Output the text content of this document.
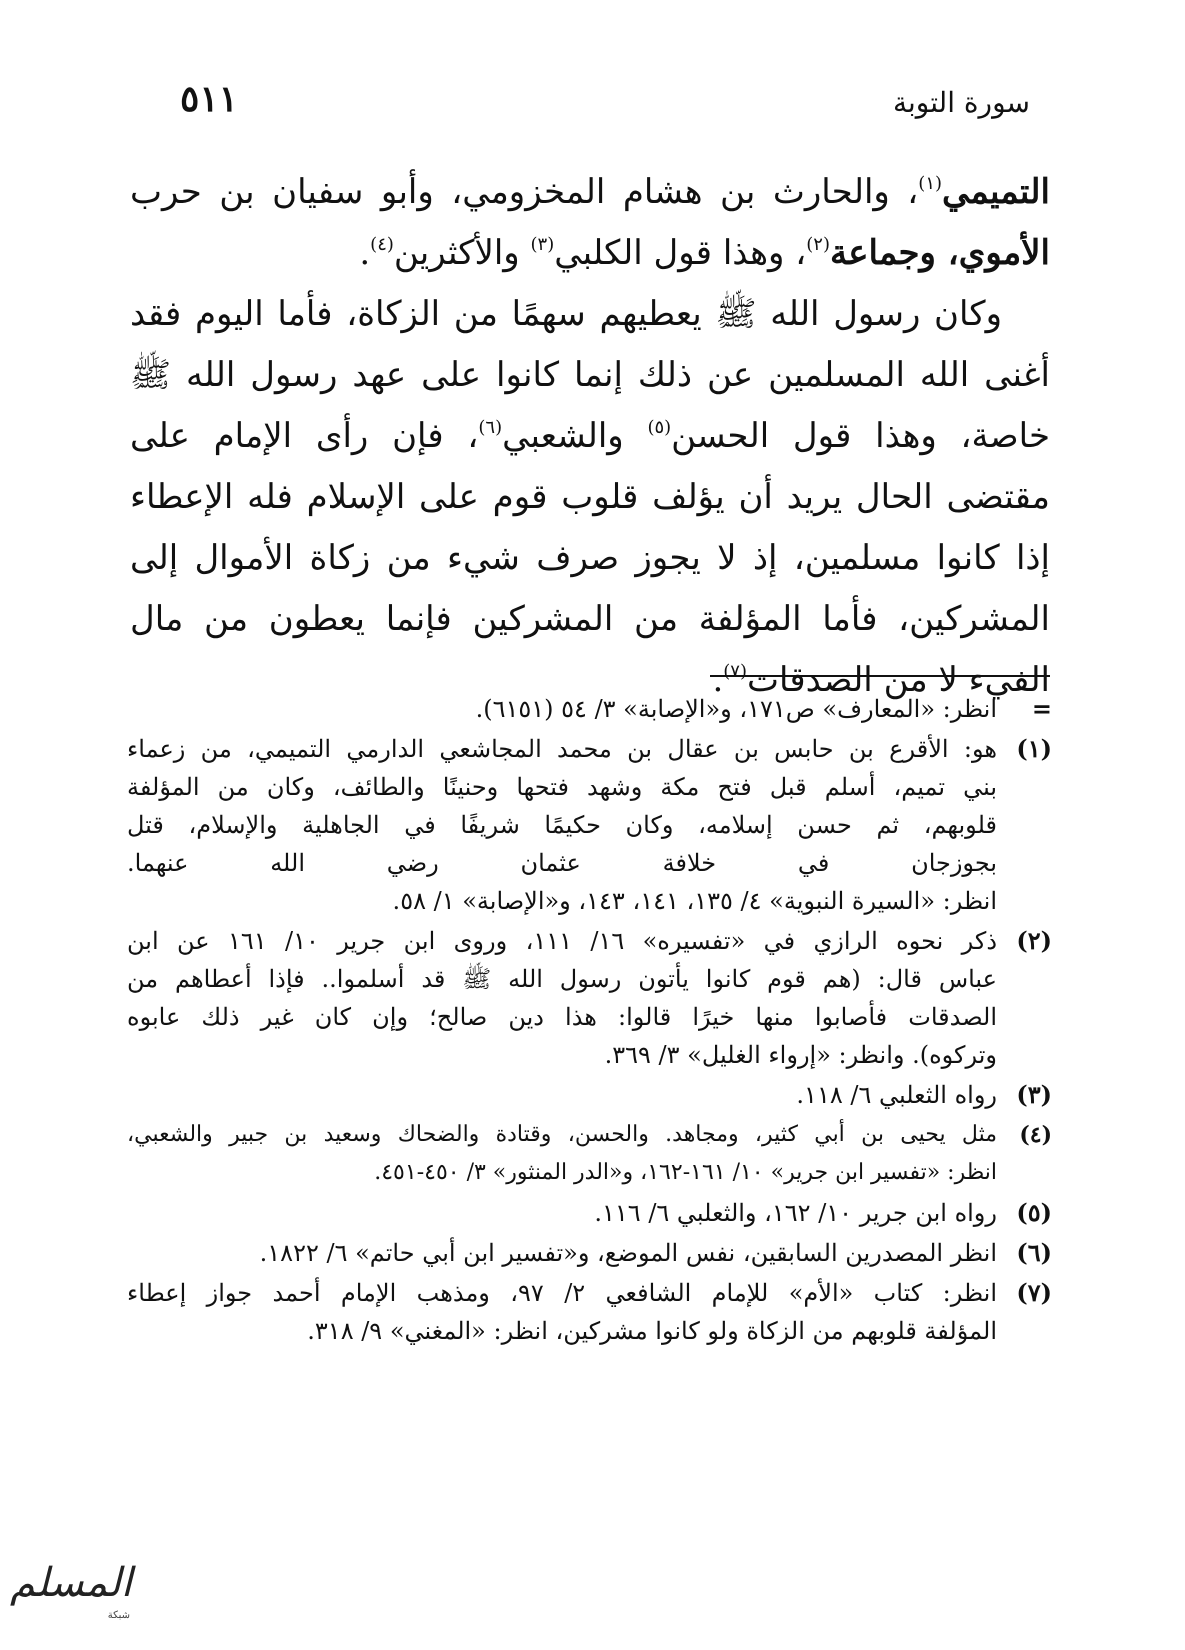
سورة التوبة
٥١١

التميمي$^{(١)}$، والحارث بن هشام المخزومي، وأبو سفيان بن حرب الأموي، وجماعة$^{(٢)}$، وهذا قول الكلبي$^{(٣)}$ والأكثرين$^{(٤)}$.

وكان رسول الله ﷺ يعطيهم سهمًا من الزكاة، فأما اليوم فقد أغنى الله المسلمين عن ذلك إنما كانوا على عهد رسول الله ﷺ خاصة، وهذا قول الحسن$^{(٥)}$ والشعبي$^{(٦)}$، فإن رأى الإمام على مقتضى الحال يريد أن يؤلف قلوب قوم على الإسلام فله الإعطاء إذا كانوا مسلمين، إذ لا يجوز صرف شيء من زكاة الأموال إلى المشركين، فأما المؤلفة من المشركين فإنما يعطون من مال الفيء لا من الصدقات$^{(٧)}$.

=
انظر: «المعارف» ص١٧١، و«الإصابة» ٣/ ٥٤ (٦١٥١).
(١)
هو: الأقرع بن حابس بن عقال بن محمد المجاشعي الدارمي التميمي، من زعماء
بني تميم، أسلم قبل فتح مكة وشهد فتحها وحنينًا والطائف، وكان من المؤلفة
قلوبهم، ثم حسن إسلامه، وكان حكيمًا شريفًا في الجاهلية والإسلام، قتل
بجوزجان في خلافة عثمان رضي الله عنهما.
انظر: «السيرة النبوية» ٤/ ١٣٥، ١٤١، ١٤٣، و«الإصابة» ١/ ٥٨.
(٢)
ذكر نحوه الرازي في «تفسيره» ١٦/ ١١١، وروى ابن جرير ١٠/ ١٦١ عن ابن
عباس قال: (هم قوم كانوا يأتون رسول الله ﷺ قد أسلموا.. فإذا أعطاهم من
الصدقات فأصابوا منها خيرًا قالوا: هذا دين صالح؛ وإن كان غير ذلك عابوه
وتركوه). وانظر: «إرواء الغليل» ٣/ ٣٦٩.
(٣)
رواه الثعلبي ٦/ ١١٨.
(٤)
مثل يحيى بن أبي كثير، ومجاهد. والحسن، وقتادة والضحاك وسعيد بن جبير والشعبي،
انظر: «تفسير ابن جرير» ١٠/ ١٦١-١٦٢، و«الدر المنثور» ٣/ ٤٥٠-٤٥١.
(٥)
رواه ابن جرير ١٠/ ١٦٢، والثعلبي ٦/ ١١٦.
(٦)
انظر المصدرين السابقين، نفس الموضع، و«تفسير ابن أبي حاتم» ٦/ ١٨٢٢.
(٧)
انظر: كتاب «الأم» للإمام الشافعي ٢/ ٩٧، ومذهب الإمام أحمد جواز إعطاء
المؤلفة قلوبهم من الزكاة ولو كانوا مشركين، انظر: «المغني» ٩/ ٣١٨.
المسلم
شبكة
